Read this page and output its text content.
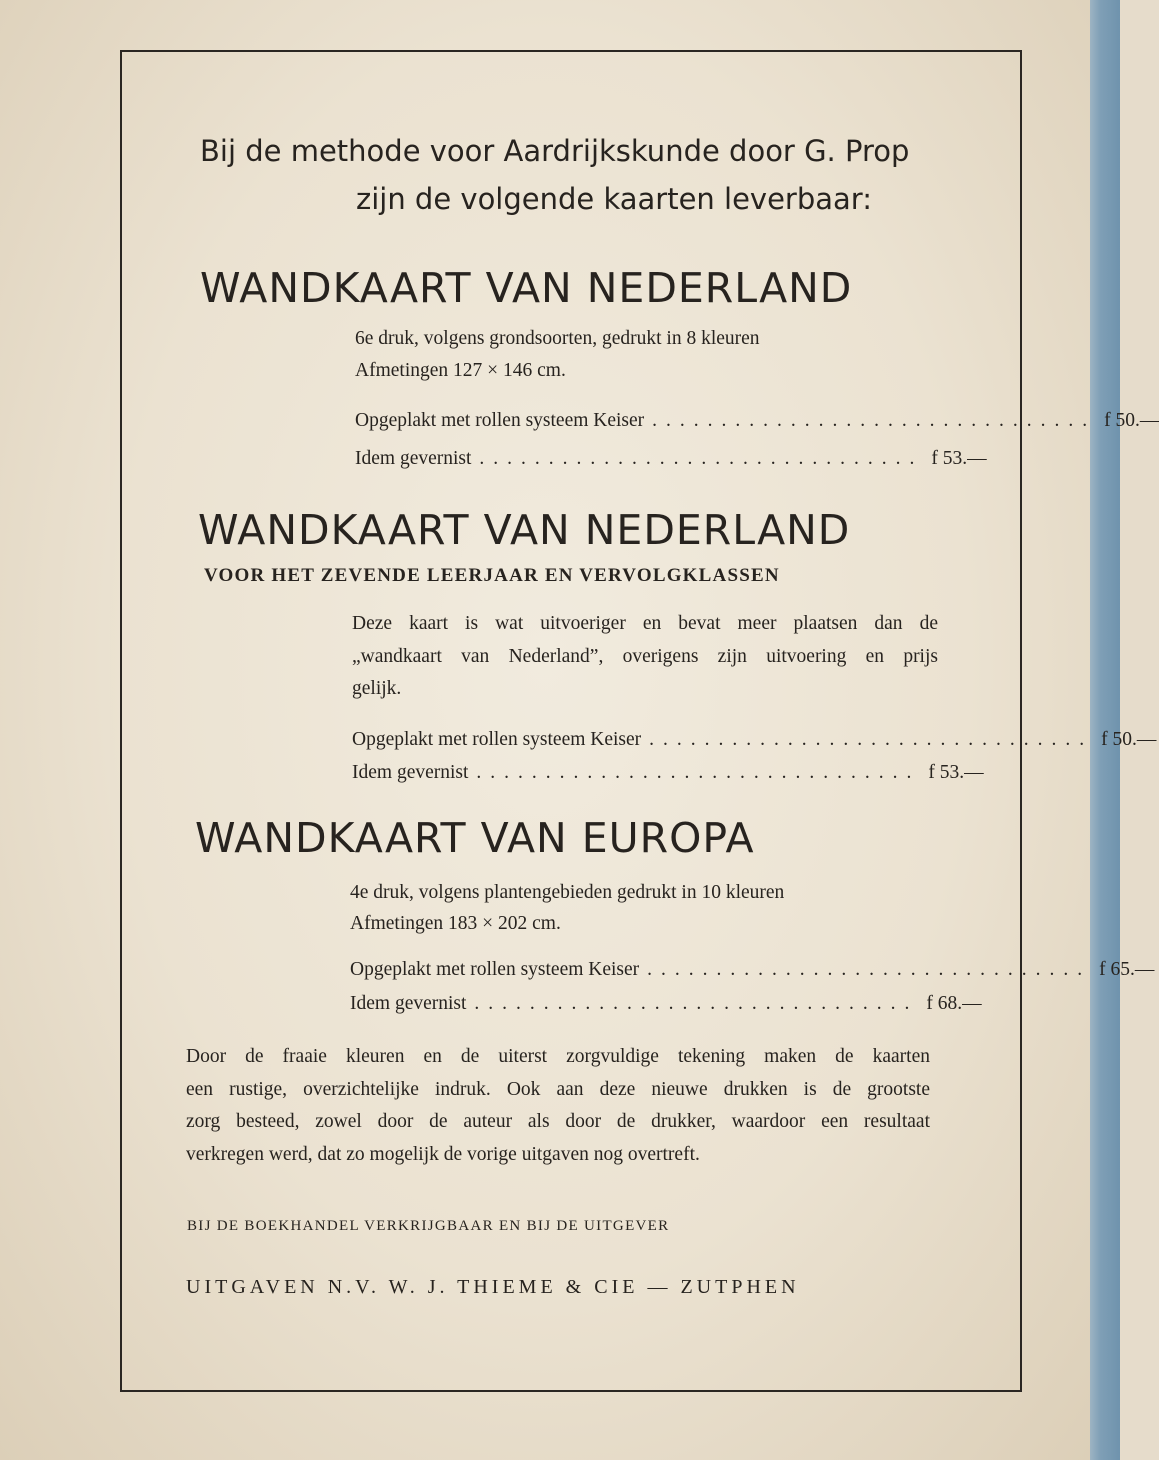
Bij de methode voor Aardrijkskunde door G. Prop

zijn de volgende kaarten leverbaar:

WANDKAART VAN NEDERLAND

6e druk, volgens grondsoorten, gedrukt in 8 kleuren

Afmetingen 127 × 146 cm.

Opgeplakt met rollen systeem Keiser ................................ f 50.—
Idem gevernist ................................ f 53.—

WANDKAART VAN NEDERLAND

VOOR HET ZEVENDE LEERJAAR EN VERVOLGKLASSEN

Deze kaart is wat uitvoeriger en bevat meer plaatsen dan de
„wandkaart van Nederland”, overigens zijn uitvoering en prijs
gelijk.
Opgeplakt met rollen systeem Keiser ................................ f 50.—
Idem gevernist ................................ f 53.—

WANDKAART VAN EUROPA

4e druk, volgens plantengebieden gedrukt in 10 kleuren

Afmetingen 183 × 202 cm.

Opgeplakt met rollen systeem Keiser ................................ f 65.—
Idem gevernist ................................ f 68.—
Door de fraaie kleuren en de uiterst zorgvuldige tekening maken de kaarten
een rustige, overzichtelijke indruk. Ook aan deze nieuwe drukken is de grootste
zorg besteed, zowel door de auteur als door de drukker, waardoor een resultaat
verkregen werd, dat zo mogelijk de vorige uitgaven nog overtreft.

BIJ DE BOEKHANDEL VERKRIJGBAAR EN BIJ DE UITGEVER

UITGAVEN N.V. W. J. THIEME & CIE — ZUTPHEN
